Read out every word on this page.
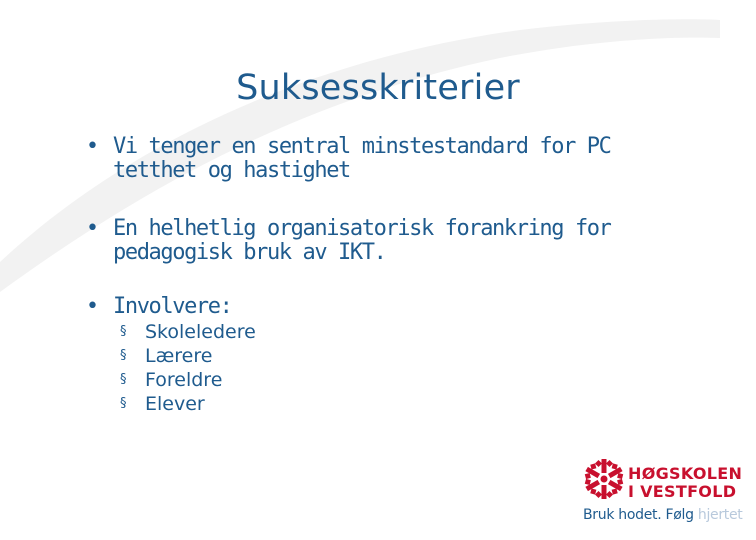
Suksesskriterier
• Vi tenger en sentral minstestandard for PC
tetthet og hastighet
• En helhetlig organisatorisk forankring for
pedagogisk bruk av IKT.
• Involvere:
§ Skoleledere
§ Lærere
§ Foreldre
§ Elever
HØGSKOLEN
I VESTFOLD
Bruk hodet. Følg hjertet
